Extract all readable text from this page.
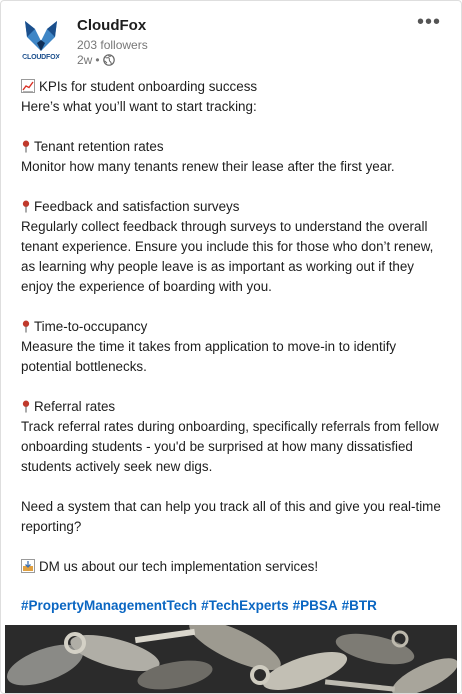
CLOUDFOX
CloudFox
203 followers
2w •
•••

KPIs for student onboarding success

Here’s what you’ll want to start tracking:

Tenant retention rates

Monitor how many tenants renew their lease after the first year.

Feedback and satisfaction surveys

Regularly collect feedback through surveys to understand the overall tenant experience. Ensure you include this for those who don’t renew, as learning why people leave is as important as working out if they enjoy the experience of boarding with you.

Time-to-occupancy

Measure the time it takes from application to move-in to identify potential bottlenecks.

Referral rates

Track referral rates during onboarding, specifically referrals from fellow onboarding students - you'd be surprised at how many dissatisfied students actively seek new digs.

Need a system that can help you track all of this and give you real-time reporting?

DM us about our tech implementation services!

#PropertyManagementTech #TechExperts #PBSA #BTR
